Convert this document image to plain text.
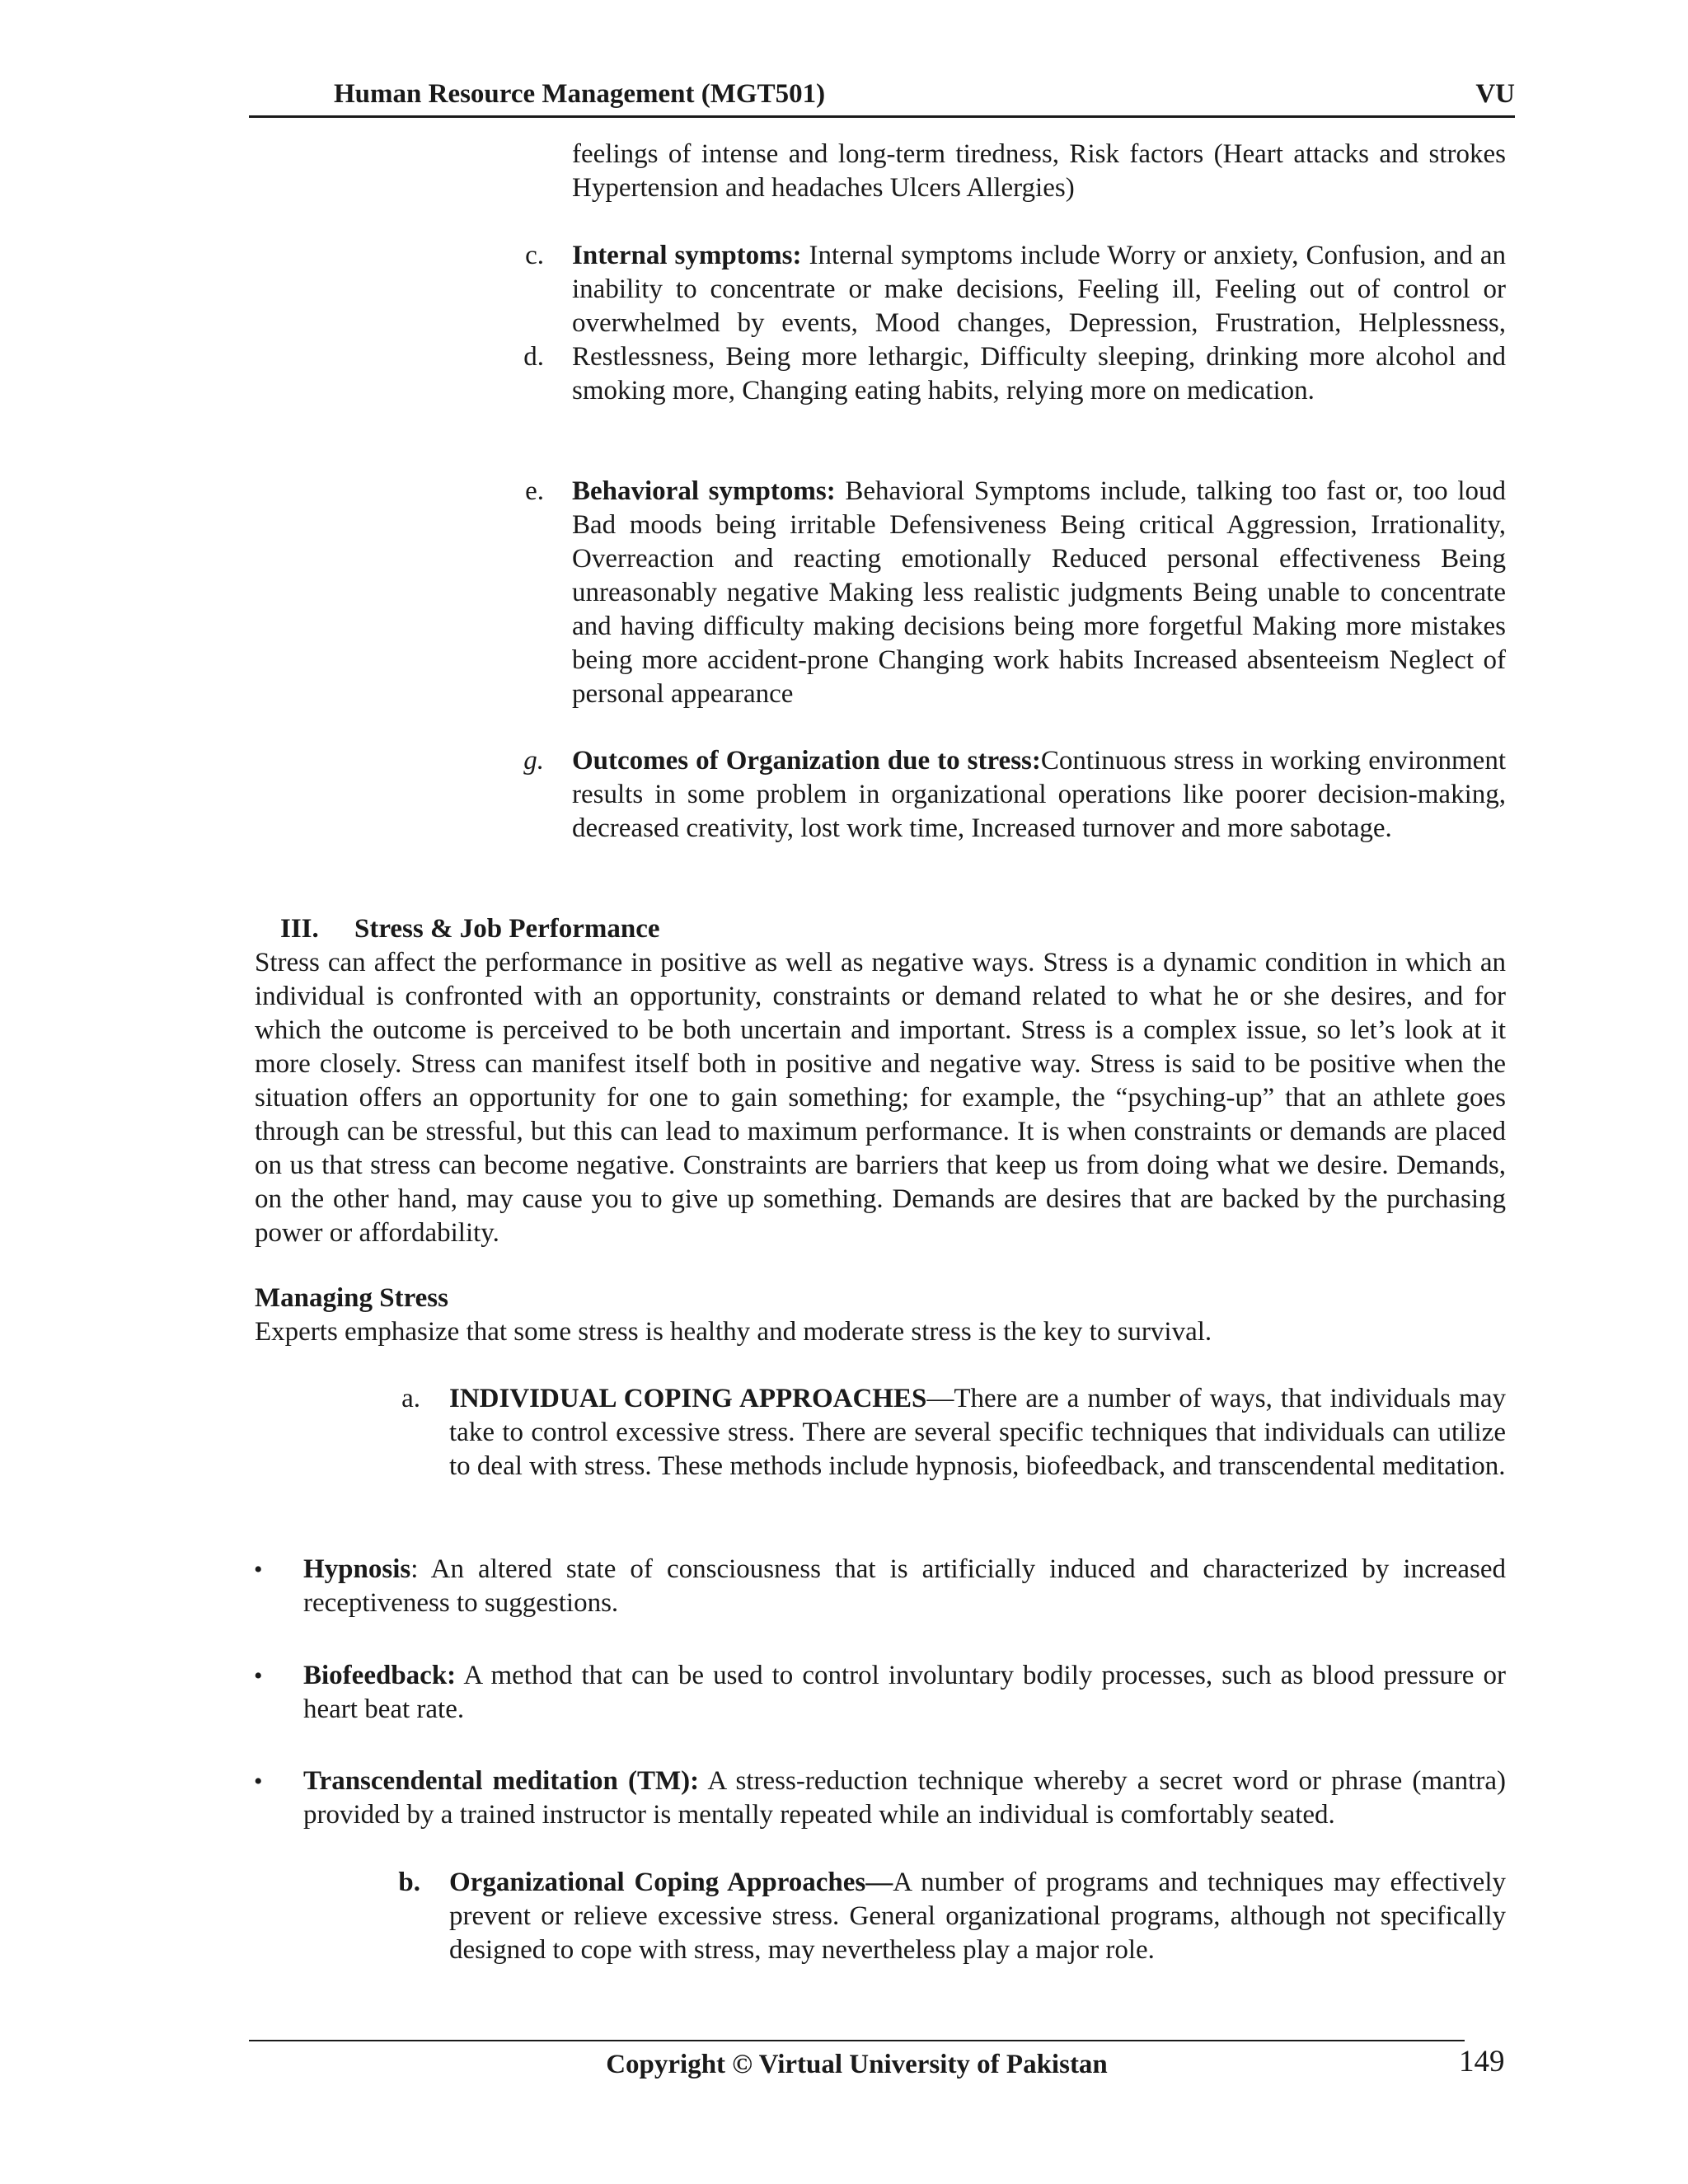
Human Resource Management (MGT501)	VU
feelings of intense and long-term tiredness, Risk factors (Heart attacks and strokes Hypertension and headaches Ulcers Allergies)
c.
d.
Internal symptoms: Internal symptoms include Worry or anxiety, Confusion, and an inability to concentrate or make decisions, Feeling ill, Feeling out of control or overwhelmed by events, Mood changes, Depression, Frustration, Helplessness, Restlessness, Being more lethargic, Difficulty sleeping, drinking more alcohol and smoking more, Changing eating habits, relying more on medication.
e. Behavioral symptoms: Behavioral Symptoms include, talking too fast or, too loud Bad moods being irritable Defensiveness Being critical Aggression, Irrationality, Overreaction and reacting emotionally Reduced personal effectiveness Being unreasonably negative Making less realistic judgments Being unable to concentrate and having difficulty making decisions being more forgetful Making more mistakes being more accident-prone Changing work habits Increased absenteeism Neglect of personal appearance
g. Outcomes of Organization due to stress:Continuous stress in working environment results in some problem in organizational operations like poorer decision-making, decreased creativity, lost work time, Increased turnover and more sabotage.
III. Stress & Job Performance
Stress can affect the performance in positive as well as negative ways. Stress is a dynamic condition in which an individual is confronted with an opportunity, constraints or demand related to what he or she desires, and for which the outcome is perceived to be both uncertain and important. Stress is a complex issue, so let’s look at it more closely. Stress can manifest itself both in positive and negative way. Stress is said to be positive when the situation offers an opportunity for one to gain something; for example, the “psyching-up” that an athlete goes through can be stressful, but this can lead to maximum performance. It is when constraints or demands are placed on us that stress can become negative. Constraints are barriers that keep us from doing what we desire. Demands, on the other hand, may cause you to give up something. Demands are desires that are backed by the purchasing power or affordability.
Managing Stress
Experts emphasize that some stress is healthy and moderate stress is the key to survival.
a. INDIVIDUAL COPING APPROACHES—There are a number of ways, that individuals may take to control excessive stress. There are several specific techniques that individuals can utilize to deal with stress. These methods include hypnosis, biofeedback, and transcendental meditation.
• Hypnosis: An altered state of consciousness that is artificially induced and characterized by increased receptiveness to suggestions.
• Biofeedback: A method that can be used to control involuntary bodily processes, such as blood pressure or heart beat rate.
• Transcendental meditation (TM): A stress-reduction technique whereby a secret word or phrase (mantra) provided by a trained instructor is mentally repeated while an individual is comfortably seated.
b. Organizational Coping Approaches—A number of programs and techniques may effectively prevent or relieve excessive stress. General organizational programs, although not specifically designed to cope with stress, may nevertheless play a major role.
Copyright © Virtual University of Pakistan	149
